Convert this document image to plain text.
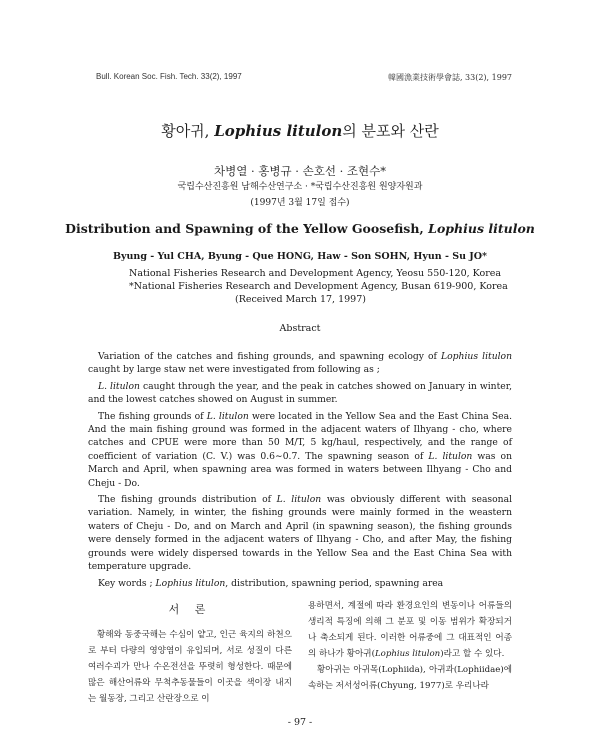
Bull. Korean Soc. Fish. Tech. 33(2), 1997	韓國漁業技術學會誌, 33(2), 1997
황아귀, Lophius litulon의 분포와 산란
차병열 · 홍병규 · 손호선 · 조현수*
국립수산진흥원 남해수산연구소 · *국립수산진흥원 원양자원과
(1997년 3월 17일 접수)
Distribution and Spawning of the Yellow Goosefish, Lophius litulon
Byung - Yul CHA, Byung - Que HONG, Haw - Son SOHN, Hyun - Su JO*
National Fisheries Research and Development Agency, Yeosu 550-120, Korea
*National Fisheries Research and Development Agency, Busan 619-900, Korea
(Received March 17, 1997)
Abstract

Variation of the catches and fishing grounds, and spawning ecology of Lophius litulon caught by large staw net were investigated from following as ;

L. litulon caught through the year, and the peak in catches showed on January in winter, and the lowest catches showed on August in summer.

The fishing grounds of L. litulon were located in the Yellow Sea and the East China Sea. And the main fishing ground was formed in the adjacent waters of Ilhyang - cho, where catches and CPUE were more than 50 M/T, 5 kg/haul, respectively, and the range of coefficient of variation (C. V.) was 0.6∼0.7. The spawning season of L. litulon was on March and April, when spawning area was formed in waters between Ilhyang - Cho and Cheju - Do.

The fishing grounds distribution of L. litulon was obviously different with seasonal variation. Namely, in winter, the fishing grounds were mainly formed in the weastern waters of Cheju - Do, and on March and April (in spawning season), the fishing grounds were densely formed in the adjacent waters of Ilhyang - Cho, and after May, the fishing grounds were widely dispersed towards in the Yellow Sea and the East China Sea with temperature upgrade.

Key words ; Lophius litulon, distribution, spawning period, spawning area

서 론

황해와 동중국해는 수심이 얕고, 인근 육지의 하천으로 부터 다량의 영양염이 유입되며, 서로 성질이 다른 여러수괴가 만나 수온전선을 뚜렷히 형성한다. 때문에 많은 해산어류와 무척추동물들이 이곳을 색이장 내지는 월동장, 그리고 산란장으로 이

용하면서, 계절에 따라 환경요인의 변동이나 어류들의 생리적 특징에 의해 그 분포 및 이동 범위가 확장되거나 축소되게 된다. 이러한 어류중에 그 대표적인 어종의 하나가 황아귀(Lophius litulon)라고 할 수 있다.

황아귀는 아귀목(Lophiida), 아귀과(Lophiidae)에 속하는 저서성어류(Chyung, 1977)로 우리나라

- 97 -
